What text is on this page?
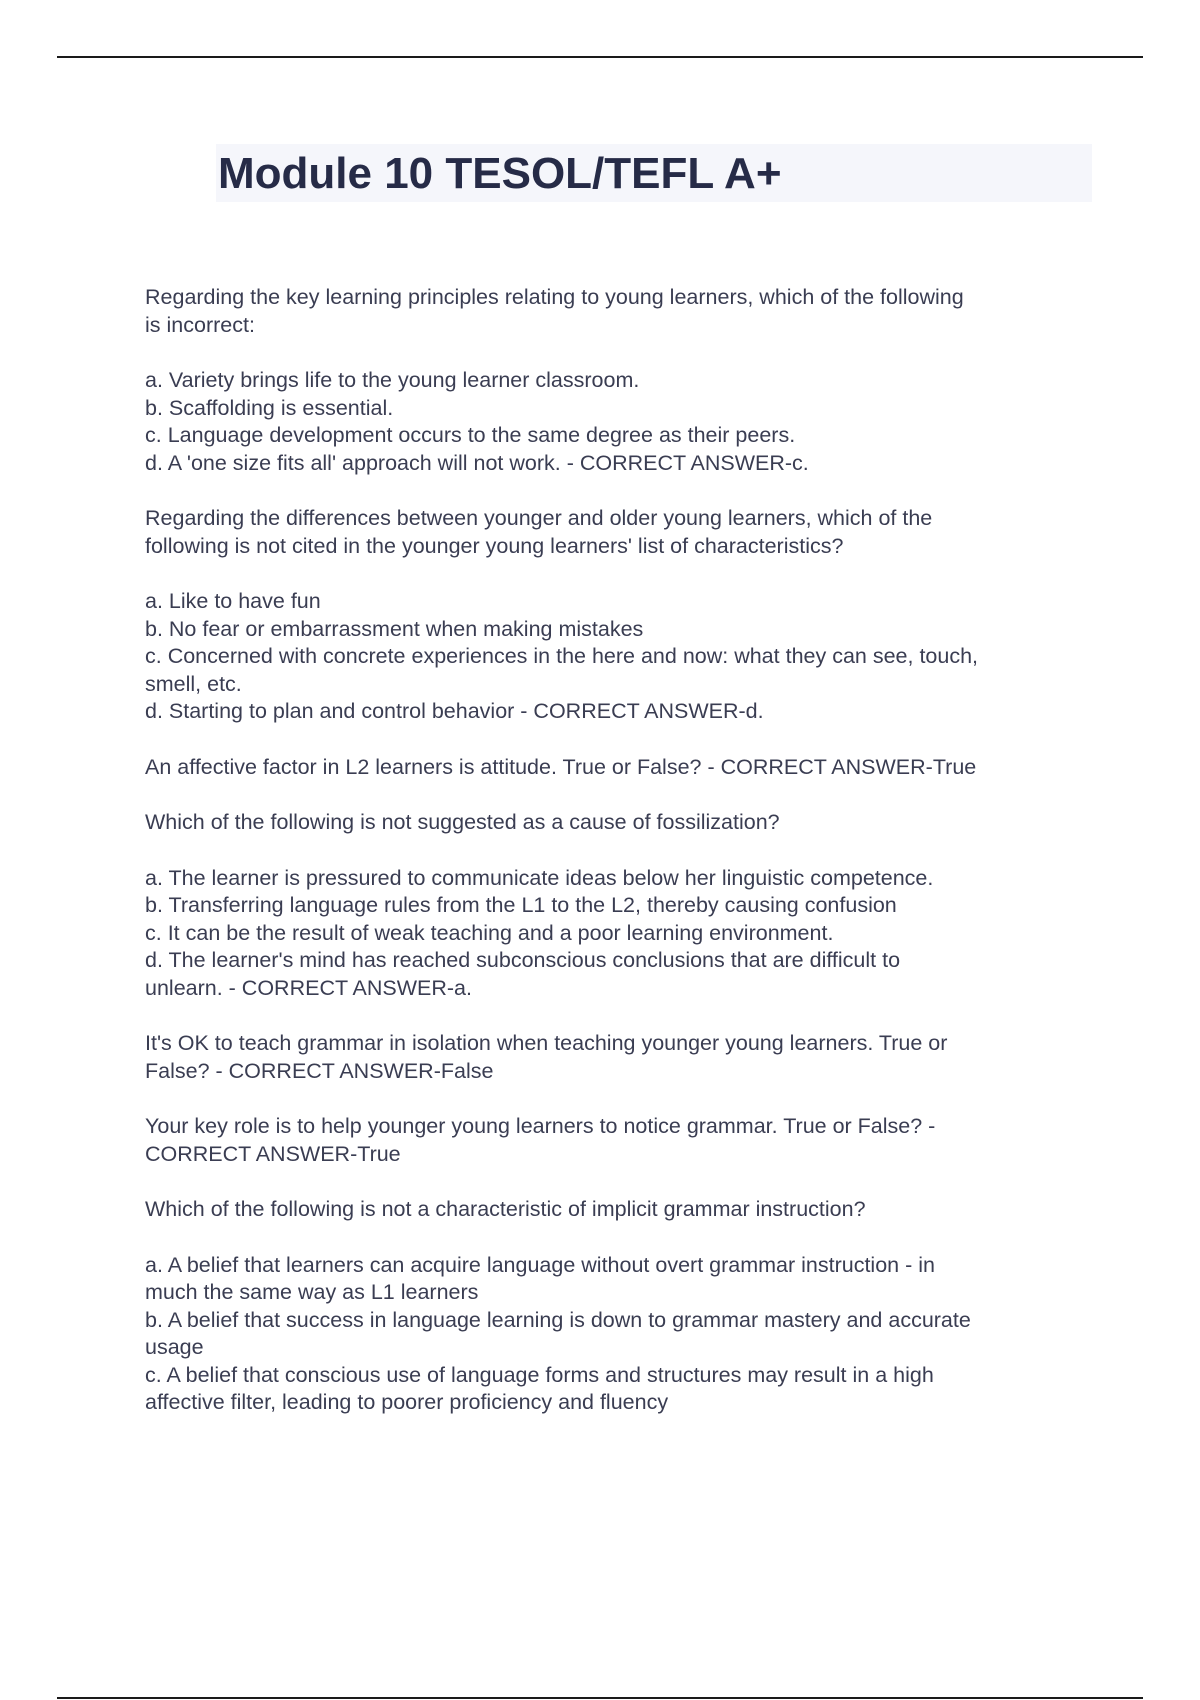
Module 10 TESOL/TEFL A+

Regarding the key learning principles relating to young learners, which of the following

is incorrect:

a. Variety brings life to the young learner classroom.

b. Scaffolding is essential.

c. Language development occurs to the same degree as their peers.

d. A 'one size fits all' approach will not work. - CORRECT ANSWER-c.

Regarding the differences between younger and older young learners, which of the

following is not cited in the younger young learners' list of characteristics?

a. Like to have fun

b. No fear or embarrassment when making mistakes

c. Concerned with concrete experiences in the here and now: what they can see, touch,

smell, etc.

d. Starting to plan and control behavior - CORRECT ANSWER-d.

An affective factor in L2 learners is attitude. True or False? - CORRECT ANSWER-True

Which of the following is not suggested as a cause of fossilization?

a. The learner is pressured to communicate ideas below her linguistic competence.

b. Transferring language rules from the L1 to the L2, thereby causing confusion

c. It can be the result of weak teaching and a poor learning environment.

d. The learner's mind has reached subconscious conclusions that are difficult to

unlearn. - CORRECT ANSWER-a.

It's OK to teach grammar in isolation when teaching younger young learners. True or

False? - CORRECT ANSWER-False

Your key role is to help younger young learners to notice grammar. True or False? -

CORRECT ANSWER-True

Which of the following is not a characteristic of implicit grammar instruction?

a. A belief that learners can acquire language without overt grammar instruction - in

much the same way as L1 learners

b. A belief that success in language learning is down to grammar mastery and accurate

usage

c. A belief that conscious use of language forms and structures may result in a high

affective filter, leading to poorer proficiency and fluency
